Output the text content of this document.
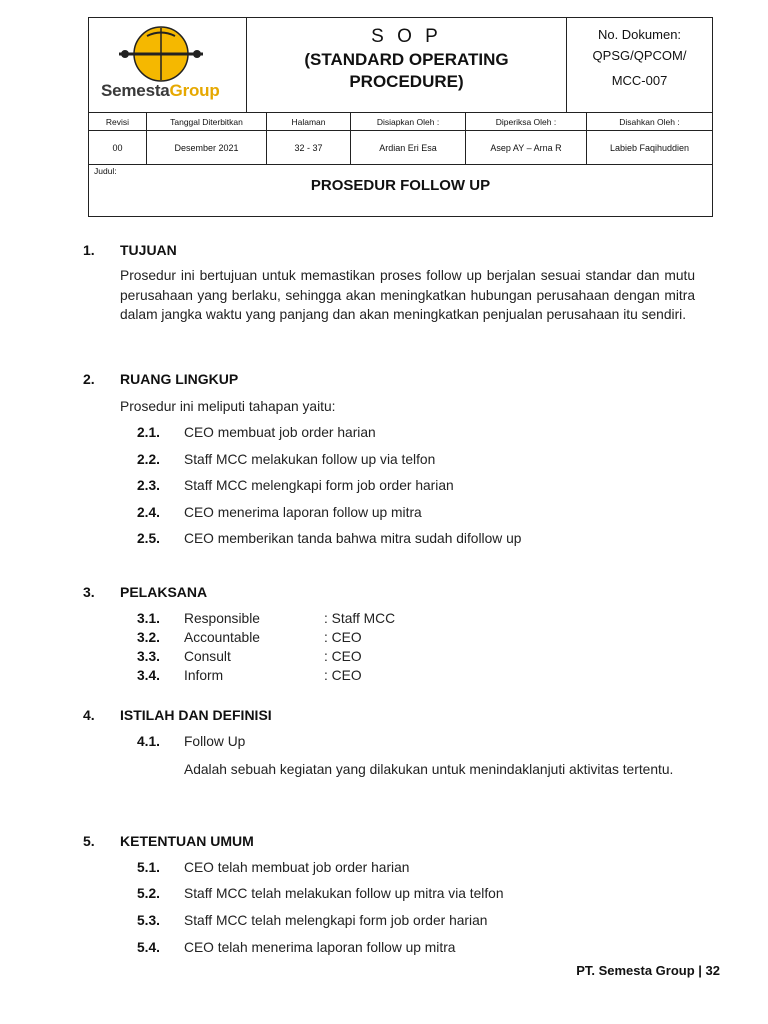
SemestaGroup
S O P
(STANDARD OPERATING
PROCEDURE)
No. Dokumen:
QPSG/QPCOM/
MCC-007
Revisi	Tanggal Diterbitkan	Halaman	Disiapkan Oleh :	Diperiksa Oleh :	Disahkan Oleh :
00	Desember 2021	32 - 37	Ardian Eri Esa	Asep AY – Arna R	Labieb Faqihuddien
Judul:
PROSEDUR FOLLOW UP
1. TUJUAN
Prosedur ini bertujuan untuk memastikan proses follow up berjalan sesuai standar dan mutu perusahaan yang berlaku, sehingga akan meningkatkan hubungan perusahaan dengan mitra dalam jangka waktu yang panjang dan akan meningkatkan penjualan perusahaan itu sendiri.
2. RUANG LINGKUP
Prosedur ini meliputi tahapan yaitu:
2.1. CEO membuat job order harian
2.2. Staff MCC melakukan follow up via telfon
2.3. Staff MCC melengkapi form job order harian
2.4. CEO menerima laporan follow up mitra
2.5. CEO memberikan tanda bahwa mitra sudah difollow up
3. PELAKSANA
3.1. Responsible	: Staff MCC
3.2. Accountable	: CEO
3.3. Consult	: CEO
3.4. Inform	: CEO
4. ISTILAH DAN DEFINISI
4.1. Follow Up
Adalah sebuah kegiatan yang dilakukan untuk menindaklanjuti aktivitas tertentu.
5. KETENTUAN UMUM
5.1. CEO telah membuat job order harian
5.2. Staff MCC telah melakukan follow up mitra via telfon
5.3. Staff MCC telah melengkapi form job order harian
5.4. CEO telah menerima laporan follow up mitra
PT. Semesta Group | 32
